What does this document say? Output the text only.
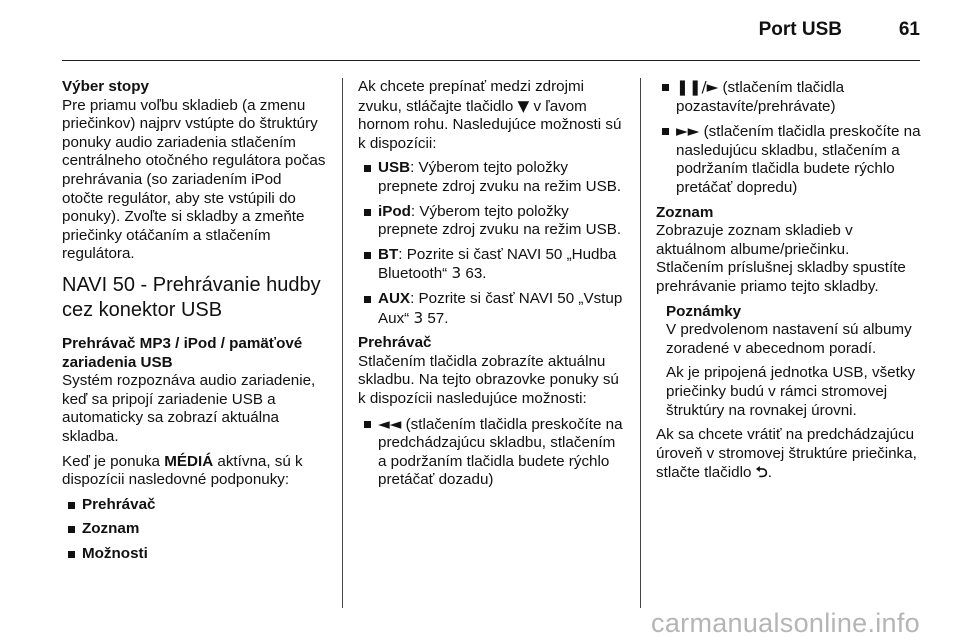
Port USB	61
Výber stopy

Pre priamu voľbu skladieb (a zmenu priečinkov) najprv vstúpte do štruktúry ponuky audio zariadenia stlačením centrálneho otočného regulátora počas prehrávania (so zariadením iPod otočte regulátor, aby ste vstúpili do ponuky). Zvoľte si skladby a zmeňte priečinky otáčaním a stlačením regulátora.

NAVI 50 - Prehrávanie hudby cez konektor USB
Prehrávač MP3 / iPod / pamäťové zariadenia USB

Systém rozpoznáva audio zariadenie, keď sa pripojí zariadenie USB a automaticky sa zobrazí aktuálna skladba.

Keď je ponuka MÉDIÁ aktívna, sú k dispozícii nasledovné podponuky:

Prehrávač
Zoznam
Možnosti

Ak chcete prepínať medzi zdrojmi zvuku, stláčajte tlačidlo ▼ v ľavom hornom rohu. Nasledujúce možnosti sú k dispozícii:

USB: Výberom tejto položky prepnete zdroj zvuku na režim USB.
iPod: Výberom tejto položky prepnete zdroj zvuku na režim USB.
BT: Pozrite si časť NAVI 50 „Hudba Bluetooth“ 3 63.
AUX: Pozrite si časť NAVI 50 „Vstup Aux“ 3 57.
Prehrávač

Stlačením tlačidla zobrazíte aktuálnu skladbu. Na tejto obrazovke ponuky sú k dispozícii nasledujúce možnosti:

◄◄ (stlačením tlačidla preskočíte na predchádzajúcu skladbu, stlačením a podržaním tlačidla budete rýchlo pretáčať dozadu)
❚❚/► (stlačením tlačidla pozastavíte/prehrávate)
►► (stlačením tlačidla preskočíte na nasledujúcu skladbu, stlačením a podržaním tlačidla budete rýchlo pretáčať dopredu)
Zoznam

Zobrazuje zoznam skladieb v aktuálnom albume/priečinku.

Stlačením príslušnej skladby spustíte prehrávanie priamo tejto skladby.

Poznámky

V predvolenom nastavení sú albumy zoradené v abecednom poradí.

Ak je pripojená jednotka USB, všetky priečinky budú v rámci stromovej štruktúry na rovnakej úrovni.

Ak sa chcete vrátiť na predchádzajúcu úroveň v stromovej štruktúre priečinka, stlačte tlačidlo ⮌.

carmanualsonline.info
